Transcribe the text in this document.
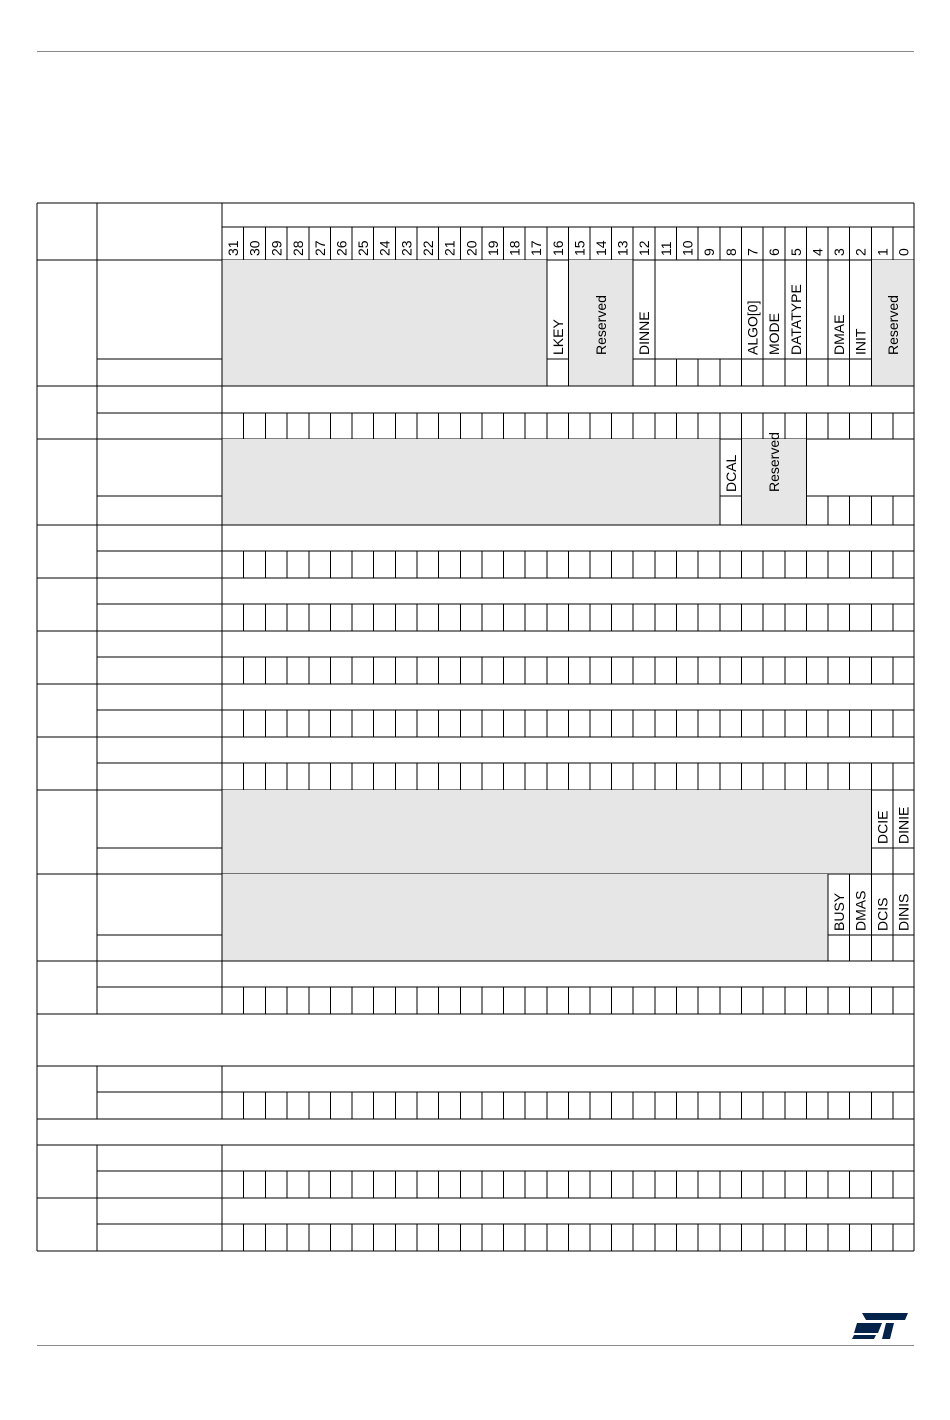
31 30 29 28 27 26 25 24 23 22 21 20 19 18 17 16 15 14 13 12 11 10 9 8 7 6 5 4 3 2 1 0
LKEY Reserved DINNE	ALGO[0] MODE DATATYPE DMAE INIT Reserved
DCAL Reserved
DCIE DINIE
BUSY DMAS DCIS DINIS
